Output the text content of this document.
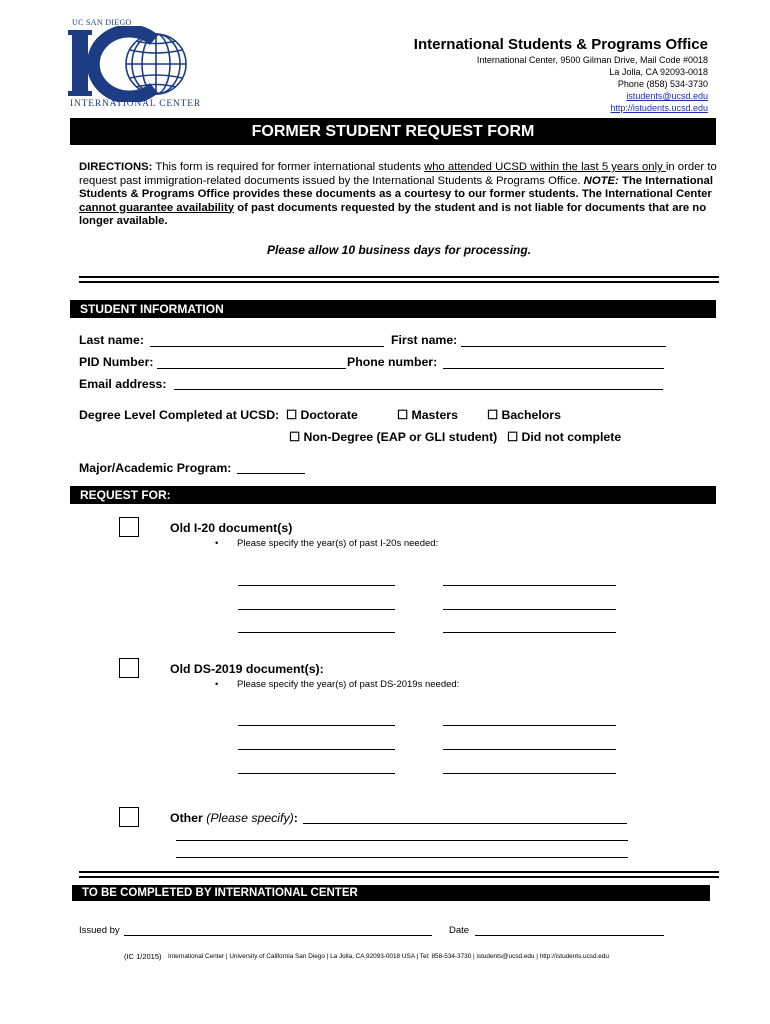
UC SAN DIEGO
INTERNATIONAL CENTER
International Students & Programs Office
International Center, 9500 Gilman Drive, Mail Code #0018
La Jolla, CA 92093-0018
Phone (858) 534-3730
istudents@ucsd.edu
http://istudents.ucsd.edu
FORMER STUDENT REQUEST FORM
DIRECTIONS: This form is required for former international students who attended UCSD within the last 5 years only in order to request past immigration-related documents issued by the International Students & Programs Office. NOTE: The International Students & Programs Office provides these documents as a courtesy to our former students. The International Center cannot guarantee availability of past documents requested by the student and is not liable for documents that are no longer available.
Please allow 10 business days for processing.
STUDENT INFORMATION
Last name:	First name:
PID Number:	Phone number:
Email address:
Degree Level Completed at UCSD: ☐ Doctorate	☐ Masters ☐ Bachelors
☐ Non-Degree (EAP or GLI student) ☐ Did not complete
Major/Academic Program:
REQUEST FOR:
Old I-20 document(s)
• Please specify the year(s) of past I-20s needed:
Old DS-2019 document(s):
• Please specify the year(s) of past DS-2019s needed:
Other (Please specify):
TO BE COMPLETED BY INTERNATIONAL CENTER
Issued by	Date
(IC 1/2015) International Center | University of California San Diego | La Jolla, CA 92093-0018 USA | Tel: 858-534-3730 | istudents@ucsd.edu | http://istudents.ucsd.edu
